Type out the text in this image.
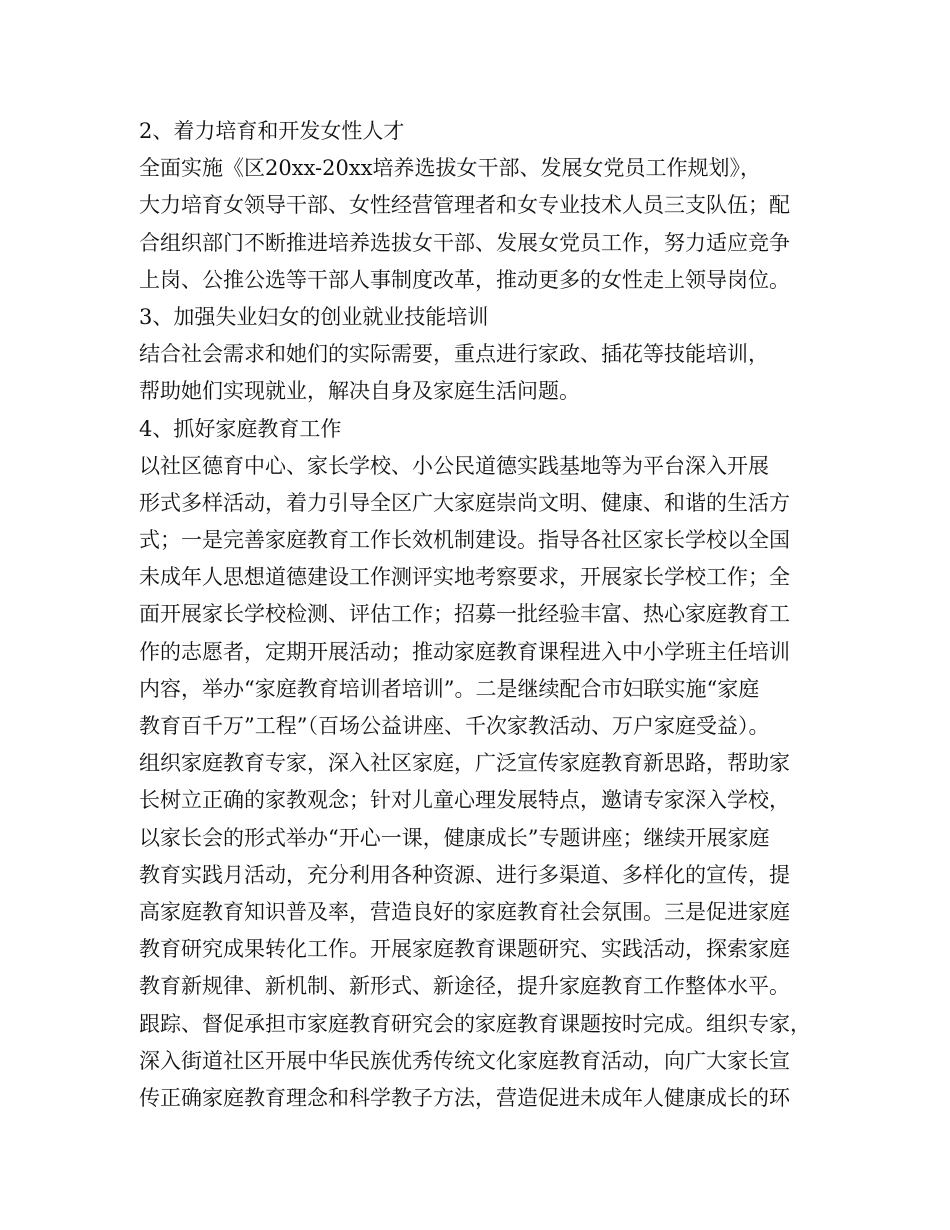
2、着力培育和开发女性人才

全面实施《区20xx-20xx培养选拔女干部、发展女党员工作规划》，

大力培育女领导干部、女性经营管理者和女专业技术人员三支队伍；配

合组织部门不断推进培养选拔女干部、发展女党员工作，努力适应竞争

上岗、公推公选等干部人事制度改革，推动更多的女性走上领导岗位。

3、加强失业妇女的创业就业技能培训

结合社会需求和她们的实际需要，重点进行家政、插花等技能培训，

帮助她们实现就业，解决自身及家庭生活问题。

4、抓好家庭教育工作

以社区德育中心、家长学校、小公民道德实践基地等为平台深入开展

形式多样活动，着力引导全区广大家庭崇尚文明、健康、和谐的生活方

式；一是完善家庭教育工作长效机制建设。指导各社区家长学校以全国

未成年人思想道德建设工作测评实地考察要求，开展家长学校工作；全

面开展家长学校检测、评估工作；招募一批经验丰富、热心家庭教育工

作的志愿者，定期开展活动；推动家庭教育课程进入中小学班主任培训

内容，举办“家庭教育培训者培训”。二是继续配合市妇联实施“家庭

教育百千万”工程”（百场公益讲座、千次家教活动、万户家庭受益）。

组织家庭教育专家，深入社区家庭，广泛宣传家庭教育新思路，帮助家

长树立正确的家教观念；针对儿童心理发展特点，邀请专家深入学校，

以家长会的形式举办“开心一课，健康成长”专题讲座；继续开展家庭

教育实践月活动，充分利用各种资源、进行多渠道、多样化的宣传，提

高家庭教育知识普及率，营造良好的家庭教育社会氛围。三是促进家庭

教育研究成果转化工作。开展家庭教育课题研究、实践活动，探索家庭

教育新规律、新机制、新形式、新途径，提升家庭教育工作整体水平。

跟踪、督促承担市家庭教育研究会的家庭教育课题按时完成。组织专家，

深入街道社区开展中华民族优秀传统文化家庭教育活动，向广大家长宣

传正确家庭教育理念和科学教子方法，营造促进未成年人健康成长的环
